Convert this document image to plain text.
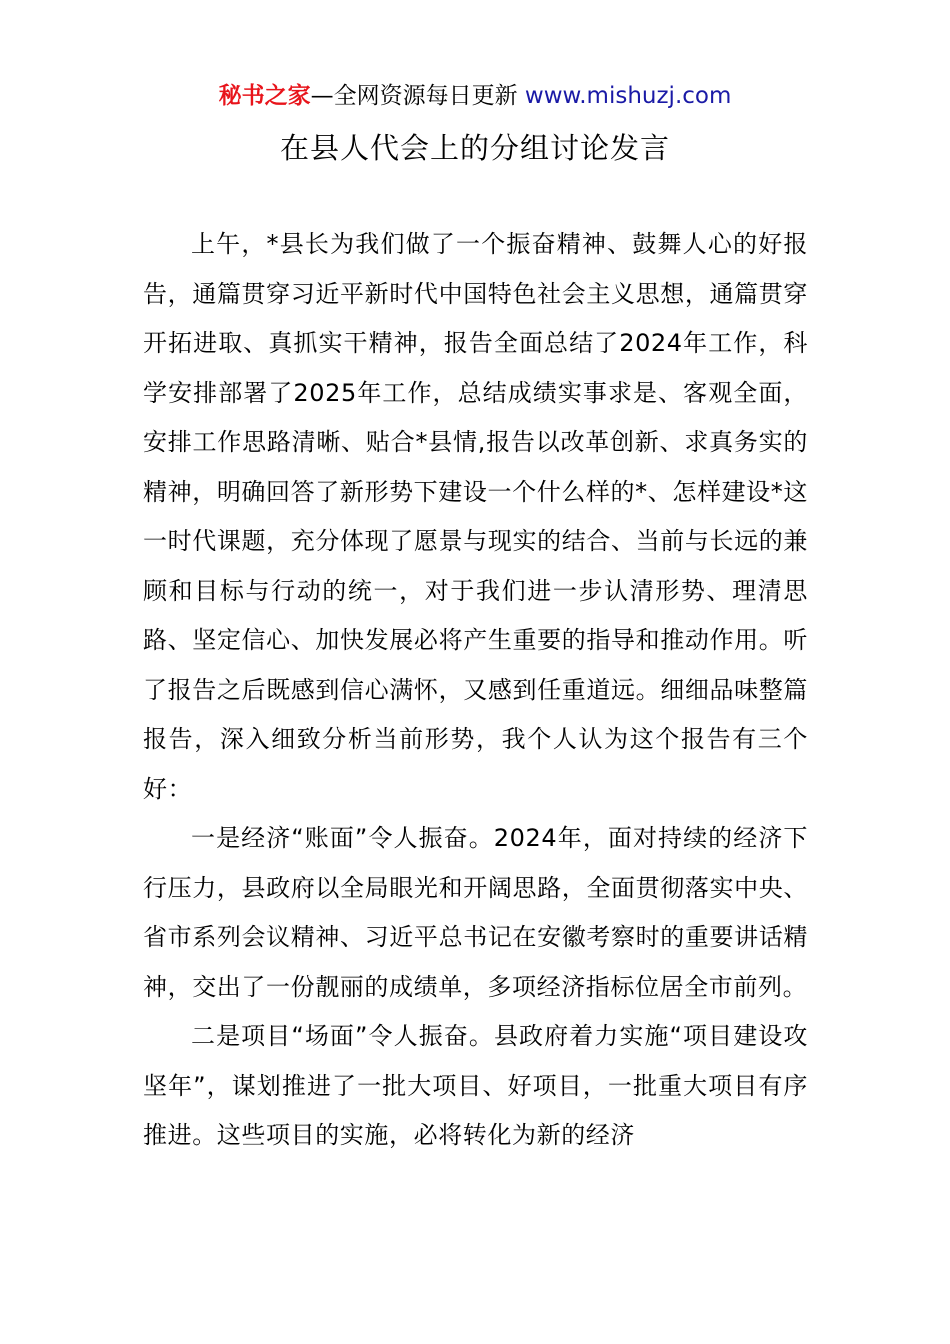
秘书之家—全网资源每日更新 www.mishuzj.com
在县人代会上的分组讨论发言

上午，*县长为我们做了一个振奋精神、鼓舞人心的好报告，通篇贯穿习近平新时代中国特色社会主义思想，通篇贯穿开拓进取、真抓实干精神，报告全面总结了2024年工作，科学安排部署了2025年工作，总结成绩实事求是、客观全面，安排工作思路清晰、贴合*县情,报告以改革创新、求真务实的精神，明确回答了新形势下建设一个什么样的*、怎样建设*这一时代课题，充分体现了愿景与现实的结合、当前与长远的兼顾和目标与行动的统一，对于我们进一步认清形势、理清思路、坚定信心、加快发展必将产生重要的指导和推动作用。听了报告之后既感到信心满怀，又感到任重道远。细细品味整篇报告，深入细致分析当前形势，我个人认为这个报告有三个好：

一是经济“账面”令人振奋。2024年，面对持续的经济下行压力，县政府以全局眼光和开阔思路，全面贯彻落实中央、省市系列会议精神、习近平总书记在安徽考察时的重要讲话精神，交出了一份靓丽的成绩单，多项经济指标位居全市前列。

二是项目“场面”令人振奋。县政府着力实施“项目建设攻坚年”，谋划推进了一批大项目、好项目，一批重大项目有序推进。这些项目的实施，必将转化为新的经济
